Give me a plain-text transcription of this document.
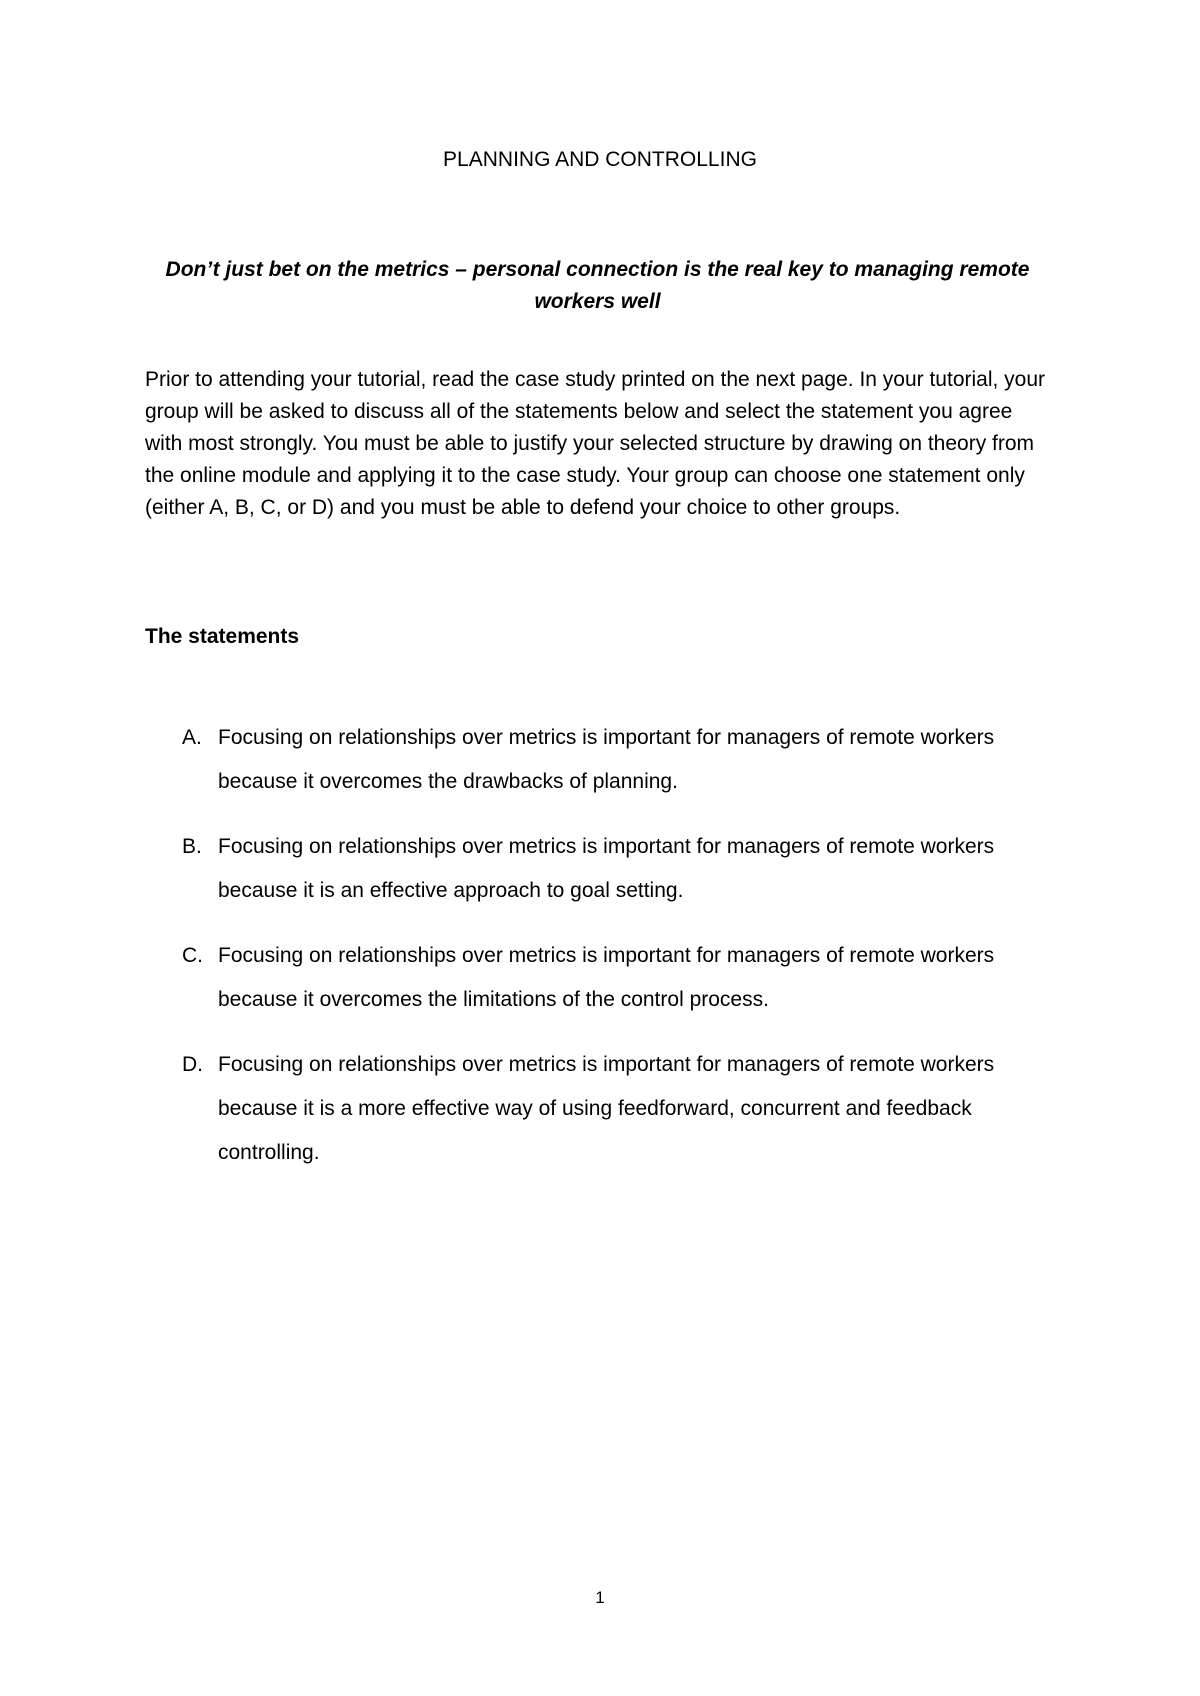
PLANNING AND CONTROLLING
Don’t just bet on the metrics – personal connection is the real key to managing remote workers well
Prior to attending your tutorial, read the case study printed on the next page. In your tutorial, your group will be asked to discuss all of the statements below and select the statement you agree with most strongly. You must be able to justify your selected structure by drawing on theory from the online module and applying it to the case study. Your group can choose one statement only (either A, B, C, or D) and you must be able to defend your choice to other groups.
The statements
A. Focusing on relationships over metrics is important for managers of remote workers because it overcomes the drawbacks of planning.
B. Focusing on relationships over metrics is important for managers of remote workers because it is an effective approach to goal setting.
C. Focusing on relationships over metrics is important for managers of remote workers because it overcomes the limitations of the control process.
D. Focusing on relationships over metrics is important for managers of remote workers because it is a more effective way of using feedforward, concurrent and feedback controlling.
1
